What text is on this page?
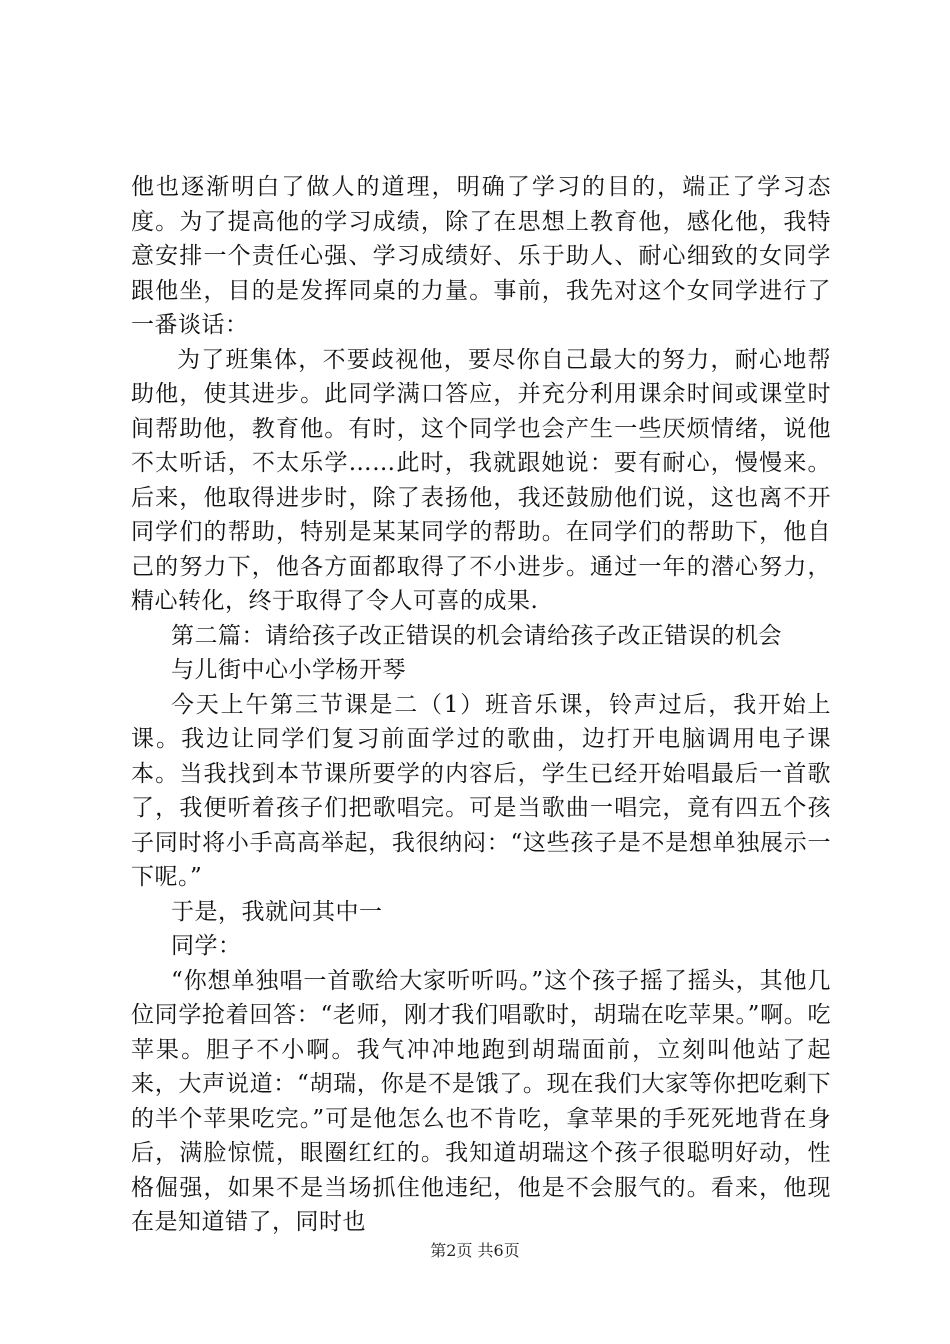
他也逐渐明白了做人的道理，明确了学习的目的，端正了学习态度。为了提高他的学习成绩，除了在思想上教育他，感化他，我特意安排一个责任心强、学习成绩好、乐于助人、耐心细致的女同学跟他坐，目的是发挥同桌的力量。事前，我先对这个女同学进行了一番谈话：

为了班集体，不要歧视他，要尽你自己最大的努力，耐心地帮助他，使其进步。此同学满口答应，并充分利用课余时间或课堂时间帮助他，教育他。有时，这个同学也会产生一些厌烦情绪，说他不太听话，不太乐学……此时，我就跟她说：要有耐心，慢慢来。后来，他取得进步时，除了表扬他，我还鼓励他们说，这也离不开同学们的帮助，特别是某某同学的帮助。在同学们的帮助下，他自己的努力下，他各方面都取得了不小进步。通过一年的潜心努力，精心转化，终于取得了令人可喜的成果.

第二篇：请给孩子改正错误的机会请给孩子改正错误的机会

与儿街中心小学杨开琴

今天上午第三节课是二（1）班音乐课，铃声过后，我开始上课。我边让同学们复习前面学过的歌曲，边打开电脑调用电子课本。当我找到本节课所要学的内容后，学生已经开始唱最后一首歌了，我便听着孩子们把歌唱完。可是当歌曲一唱完，竟有四五个孩子同时将小手高高举起，我很纳闷：“这些孩子是不是想单独展示一下呢。”

于是，我就问其中一

同学：

“你想单独唱一首歌给大家听听吗。”这个孩子摇了摇头，其他几位同学抢着回答：“老师，刚才我们唱歌时，胡瑞在吃苹果。”啊。吃苹果。胆子不小啊。我气冲冲地跑到胡瑞面前，立刻叫他站了起来，大声说道：“胡瑞，你是不是饿了。现在我们大家等你把吃剩下的半个苹果吃完。”可是他怎么也不肯吃，拿苹果的手死死地背在身后，满脸惊慌，眼圈红红的。我知道胡瑞这个孩子很聪明好动，性格倔强，如果不是当场抓住他违纪，他是不会服气的。看来，他现在是知道错了，同时也

第2页 共6页
